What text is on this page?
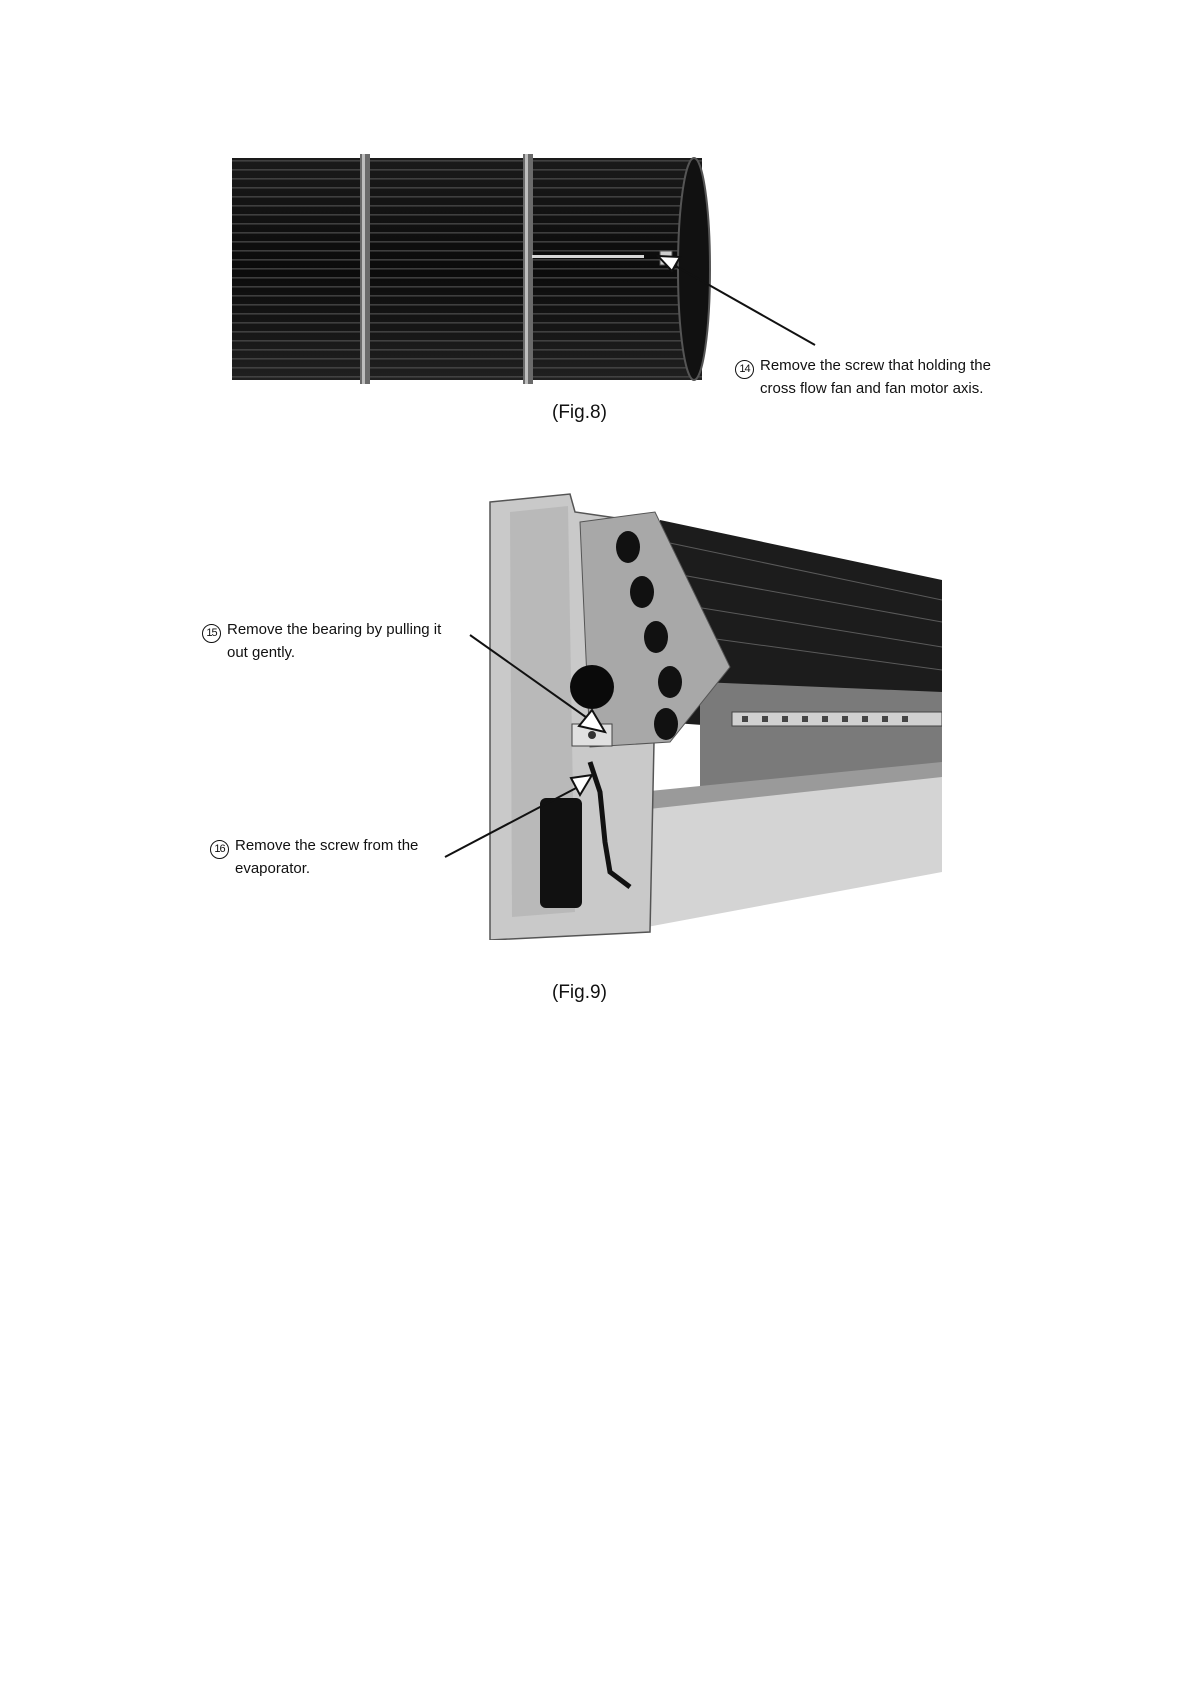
14 Remove the screw that holding the
cross flow fan and fan motor axis.
(Fig.8)
15 Remove the bearing by pulling it
out gently.
16 Remove the screw from the
evaporator.
(Fig.9)
